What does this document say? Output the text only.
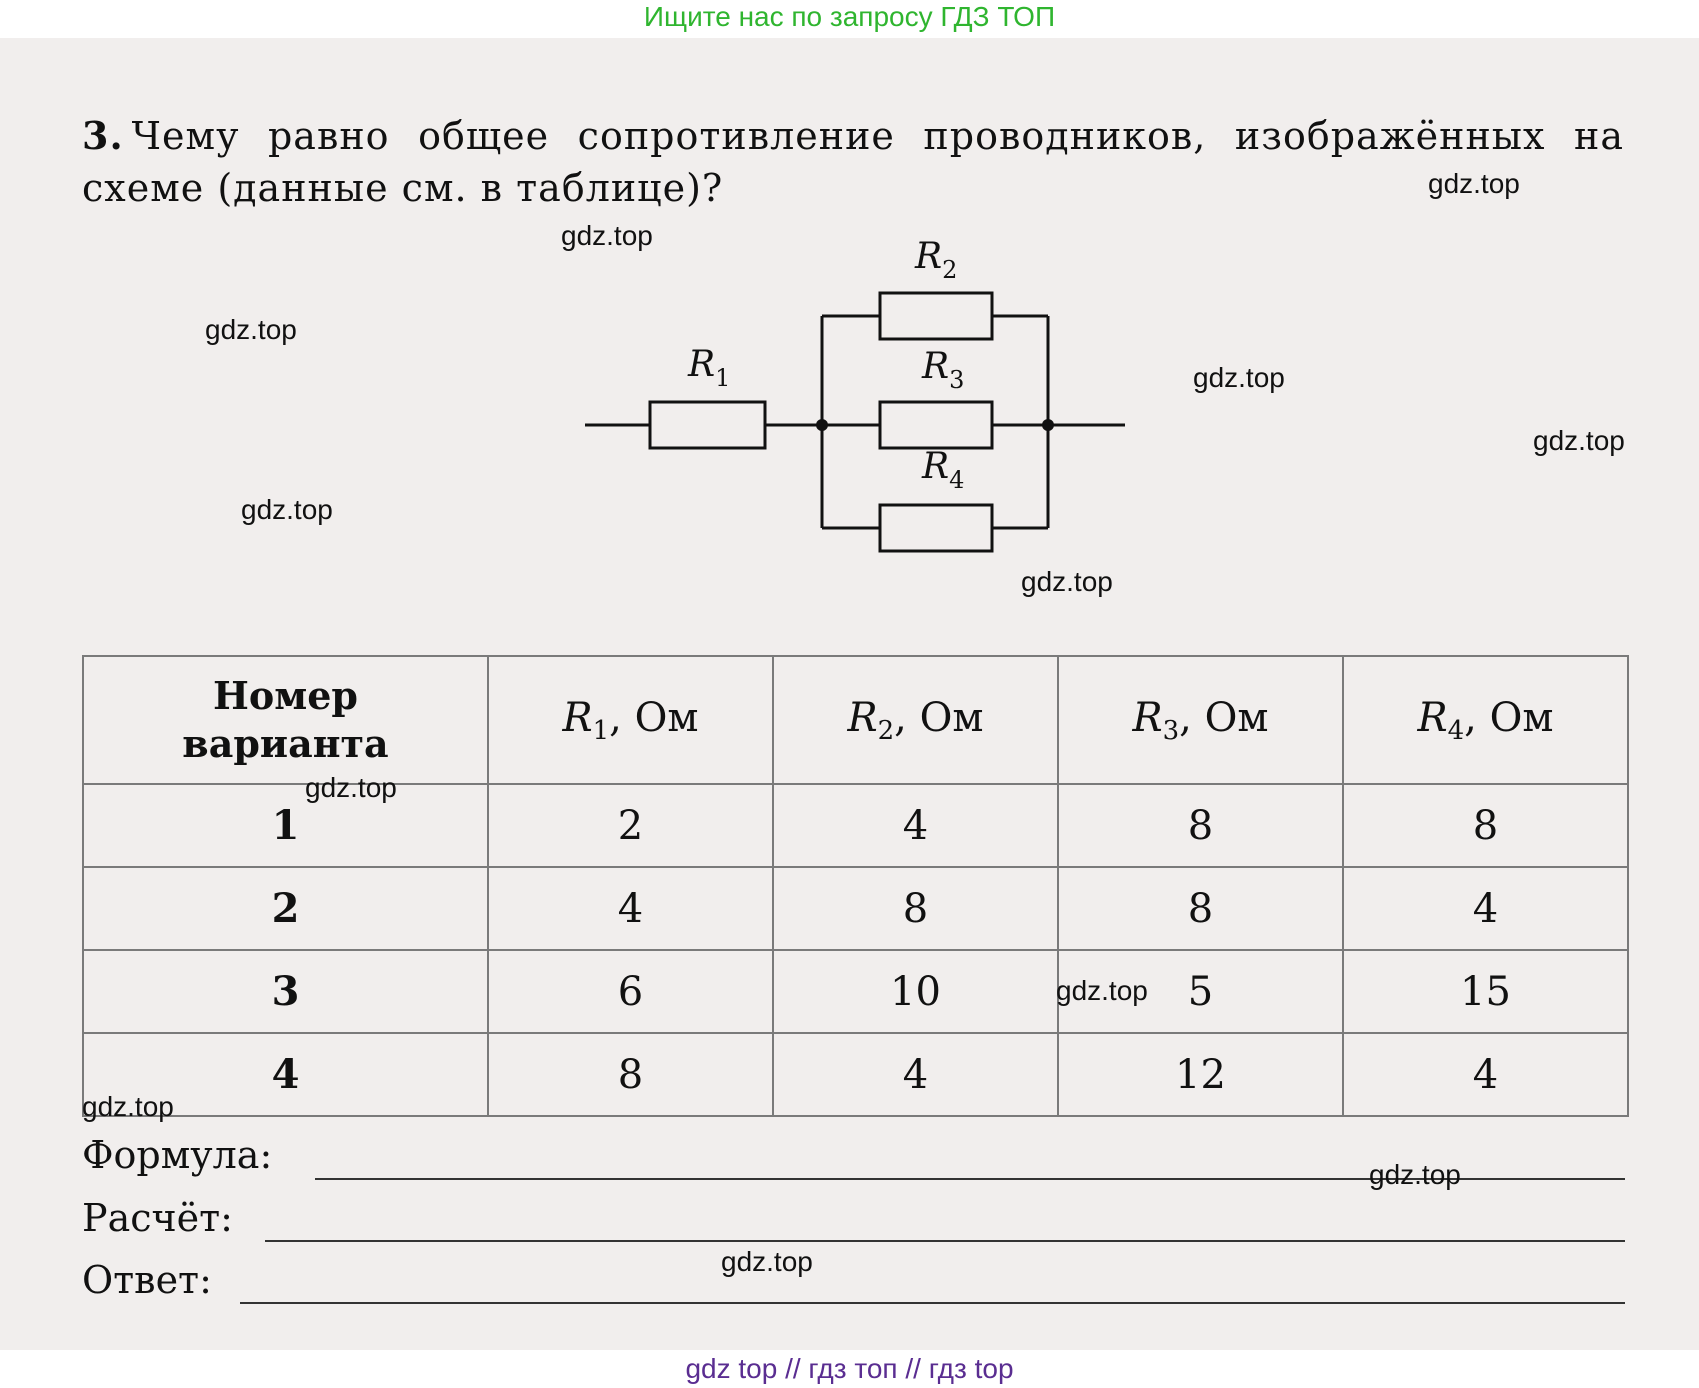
Ищите нас по запросу ГДЗ ТОП
3. Чему равно общее сопротивление проводников, изображённых на схеме (данные см. в таблице)?
$R_1$
$R_2$
$R_3$
$R_4$
Номер
варианта	$R_1$, Ом	$R_2$, Ом	$R_3$, Ом	$R_4$, Ом
1	2	4	8	8
2	4	8	8	4
3	6	10	5	15
4	8	4	12	4
Формула:
Расчёт:
Ответ:
gdz.top
gdz.top
gdz.top
gdz.top
gdz.top
gdz.top
gdz.top
gdz.top
gdz.top
gdz.top
gdz.top
gdz.top
gdz top // гдз топ // гдз top
